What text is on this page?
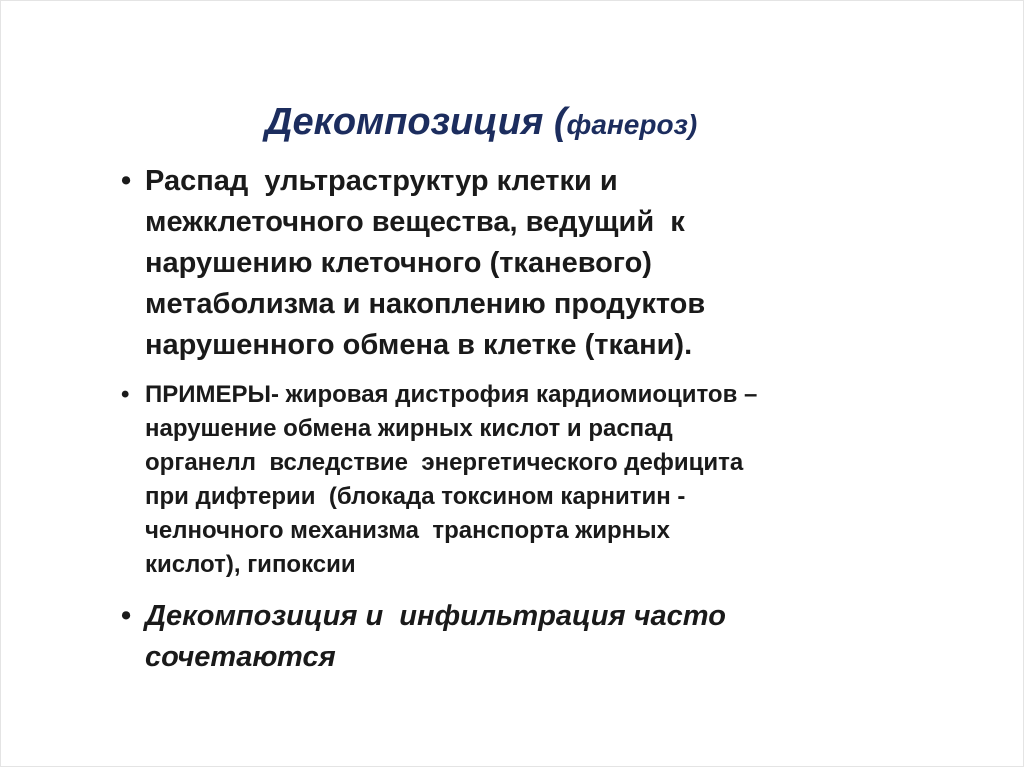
Декомпозиция (фанероз)
• Распад  ультраструктур клетки и
межклеточного вещества, ведущий  к
нарушению клеточного (тканевого)
метаболизма и накоплению продуктов
нарушенного обмена в клетке (ткани).
• ПРИМЕРЫ- жировая дистрофия кардиомиоцитов –
нарушение обмена жирных кислот и распад
органелл  вследствие  энергетического дефицита
при дифтерии  (блокада токсином карнитин -
челночного механизма  транспорта жирных
кислот), гипоксии
• Декомпозиция и  инфильтрация часто
сочетаются
